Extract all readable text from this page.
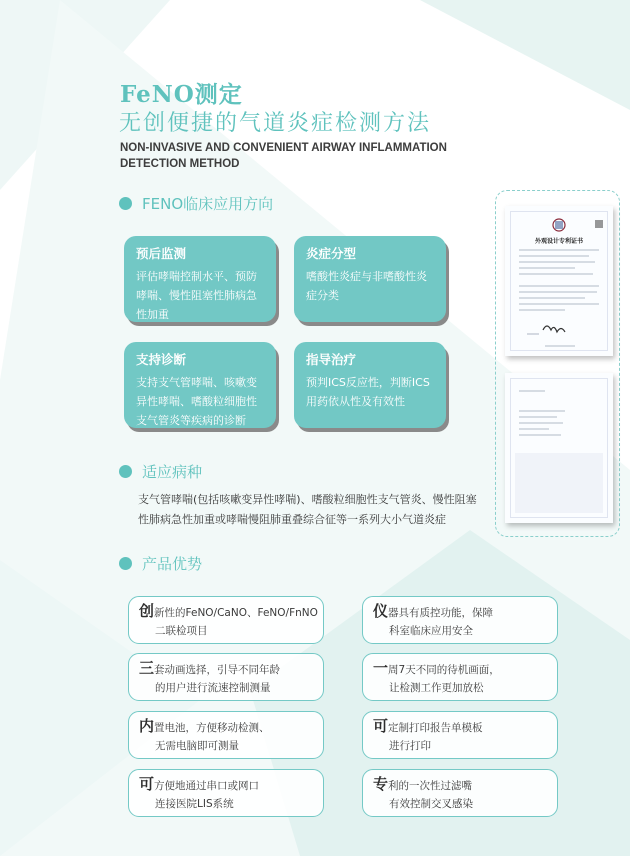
FeNO测定
无创便捷的气道炎症检测方法
NON-INVASIVE AND CONVENIENT AIRWAY INFLAMMATION DETECTION METHOD
FENO临床应用方向
预后监测
评估哮喘控制水平、预防哮喘、慢性阻塞性肺病急性加重
炎症分型
嗜酸性炎症与非嗜酸性炎症分类
支持诊断
支持支气管哮喘、咳嗽变异性哮喘、嗜酸粒细胞性支气管炎等疾病的诊断
指导治疗
预判ICS反应性，判断ICS用药依从性及有效性
适应病种
支气管哮喘(包括咳嗽变异性哮喘)、嗜酸粒细胞性支气管炎、慢性阻塞性肺病急性加重或哮喘慢阻肺重叠综合征等一系列大小气道炎症
产品优势
创新性的FeNO/CaNO、FeNO/FnNO
二联检项目
仪器具有质控功能，保障
科室临床应用安全
三套动画选择，引导不同年龄
的用户进行流速控制测量
一周7天不同的待机画面，
让检测工作更加放松
内置电池，方便移动检测、
无需电脑即可测量
可定制打印报告单模板
进行打印
可方便地通过串口或网口
连接医院LIS系统
专利的一次性过滤嘴
有效控制交叉感染
外观设计专利证书
